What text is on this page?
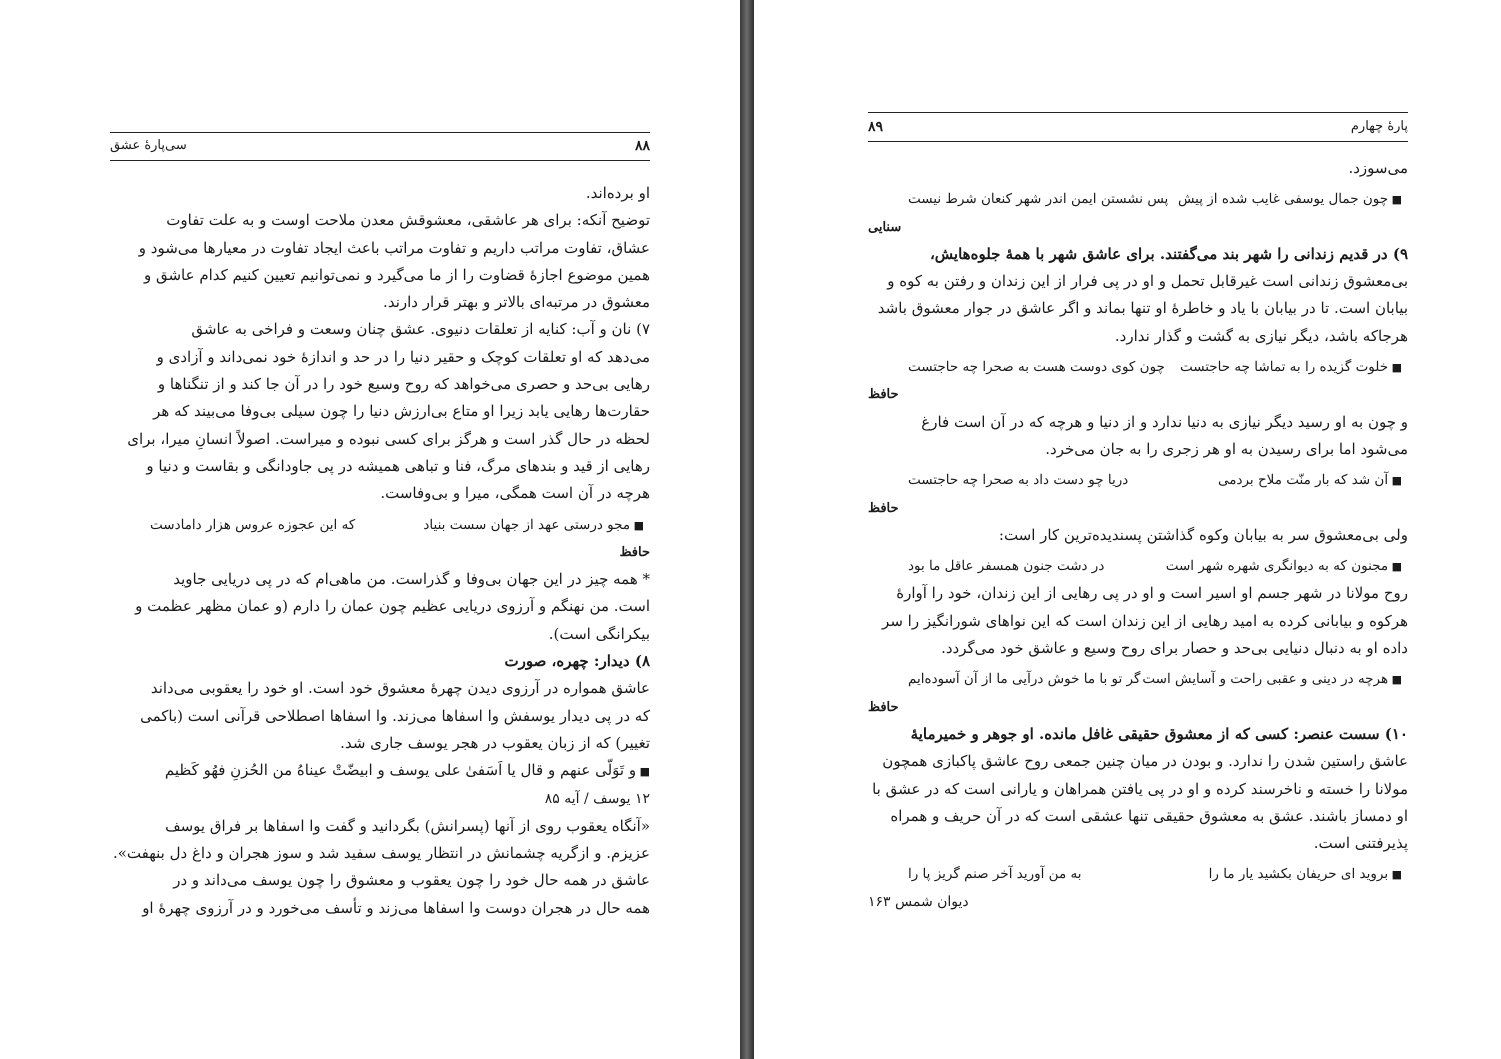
۸۸
سی‌پارهٔ عشق

او برده‌اند.

توضیح آنکه: برای هر عاشقی، معشوقش معدن ملاحت اوست و به علت تفاوت

عشاق، تفاوت مراتب داریم و تفاوت مراتب باعث ایجاد تفاوت در معیارها می‌شود و

همین موضوع اجازهٔ قضاوت را از ما می‌گیرد و نمی‌توانیم تعیین کنیم کدام عاشق و

معشوق در مرتبه‌ای بالاتر و بهتر قرار دارند.

۷) نان و آب: کنایه از تعلقات دنیوی. عشق چنان وسعت و فراخی به عاشق

می‌دهد که او تعلقات کوچک و حقیر دنیا را در حد و اندازهٔ خود نمی‌داند و آزادی و

رهایی بی‌حد و حصری می‌خواهد که روح وسیع خود را در آن جا کند و از تنگناها و

حقارت‌ها رهایی یابد زیرا او متاع بی‌ارزش دنیا را چون سیلی بی‌وفا می‌بیند که هر

لحظه در حال گذر است و هرگز برای کسی نبوده و میراست. اصولاً انسانِ میرا، برای

رهایی از قید و بندهای مرگ، فنا و تباهی همیشه در پی جاودانگی و بقاست و دنیا و

هرچه در آن است همگی، میرا و بی‌وفاست.

■ مجو درستی عهد از جهان سست بنیاد
که این عجوزه عروس هزار دامادست

حافظ

* همه چیز در این جهان بی‌وفا و گذراست. من ماهی‌ام که در پی دریایی جاوید

است. من نهنگم و آرزوی دریایی عظیم چون عمان را دارم (و عمان مظهر عظمت و

بیکرانگی است).

۸) دیدار: چهره، صورت

عاشق همواره در آرزوی دیدن چهرهٔ معشوق خود است. او خود را یعقوبی می‌داند

که در پی دیدار یوسفش وا اسفاها می‌زند. وا اسفاها اصطلاحی قرآنی است (باکمی

تغییر) که از زبان یعقوب در هجر یوسف جاری شد.

■ و تَوَلّی عنهم و قال یا اَسَفیٰ علی یوسف و ابیضّتْ عیناهُ من الحُزنِ فهُو کَظیم

۱۲ یوسف / آیه ۸۵

«آنگاه یعقوب روی از آنها (پسرانش) بگردانید و گفت وا اسفاها بر فراق یوسف

عزیزم. و ازگریه چشمانش در انتظار یوسف سفید شد و سوز هجران و داغ دل بنهفت».

عاشق در همه حال خود را چون یعقوب و معشوق را چون یوسف می‌داند و در

همه حال در هجران دوست وا اسفاها می‌زند و تأسف می‌خورد و در آرزوی چهرهٔ او

پارهٔ چهارم
۸۹

می‌سوزد.

■ چون جمال یوسفی غایب شده از پیش
پس نشستن ایمن اندر شهر کنعان شرط نیست

سنایی

۹) در قدیم زندانی را شهر بند می‌گفتند. برای عاشق شهر با همهٔ جلوه‌هایش،

بی‌معشوق زندانی است غیرقابل تحمل و او در پی فرار از این زندان و رفتن به کوه و

بیابان است. تا در بیابان با یاد و خاطرهٔ او تنها بماند و اگر عاشق در جوار معشوق باشد

هرجاکه باشد، دیگر نیازی به گشت و گذار ندارد.

■ خلوت گزیده را به تماشا چه حاجتست
چون کوی دوست هست به صحرا چه حاجتست

حافظ

و چون به او رسید دیگر نیازی به دنیا ندارد و از دنیا و هرچه که در آن است فارغ

می‌شود اما برای رسیدن به او هر زجری را به جان می‌خرد.

■ آن شد که بار منّت ملاح بردمی
دریا چو دست داد به صحرا چه حاجتست

حافظ

ولی بی‌معشوق سر به بیابان وکوه گذاشتن پسندیده‌ترین کار است:

■ مجنون که به دیوانگری شهره شهر است
در دشت جنون همسفر عاقل ما بود

روح مولانا در شهر جسم او اسیر است و او در پی رهایی از این زندان، خود را آوارهٔ

هرکوه و بیابانی کرده به امید رهایی از این زندان است که این نواهای شورانگیز را سر

داده او به دنبال دنیایی بی‌حد و حصار برای روح وسیع و عاشق خود می‌گردد.

■ هرچه در دینی و عقبی راحت و آسایش است
گر تو با ما خوش درآیی ما از آن آسوده‌ایم

حافظ

۱۰) سست عنصر: کسی که از معشوق حقیقی غافل مانده. او جوهر و خمیرمایهٔ

عاشق راستین شدن را ندارد. و بودن در میان چنین جمعی روح عاشق پاکبازی همچون

مولانا را خسته و ناخرسند کرده و او در پی یافتن همراهان و یارانی است که در عشق با

او دمساز باشند. عشق به معشوق حقیقی تنها عشقی است که در آن حریف و همراه

پذیرفتنی است.

■ بروید ای حریفان بکشید یار ما را
به من آورید آخر صنم گریز پا را

دیوان شمس ۱۶۳
